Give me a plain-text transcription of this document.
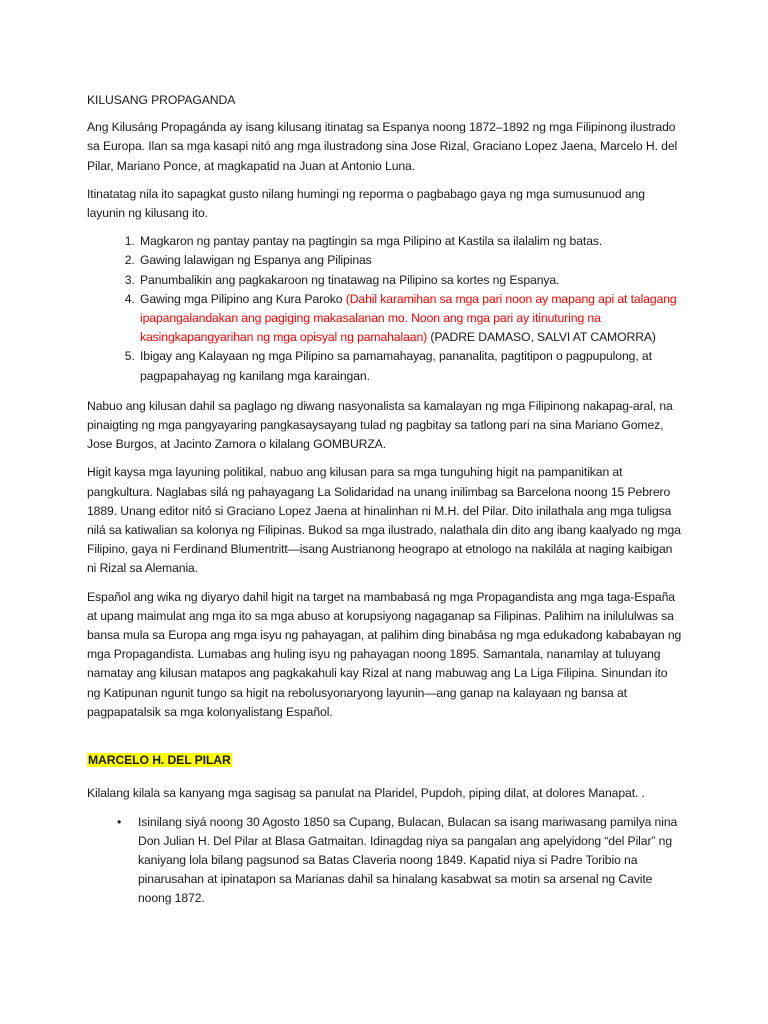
KILUSANG PROPAGANDA

Ang Kilusáng Propagánda ay isang kilusang itinatag sa Espanya noong 1872–1892 ng mga Filipinong ilustrado sa Europa. Ilan sa mga kasapi nitó ang mga ilustradong sina Jose Rizal, Graciano Lopez Jaena, Marcelo H. del Pilar, Mariano Ponce, at magkapatid na Juan at Antonio Luna.

Itinatatag nila ito sapagkat gusto nilang humingi ng reporma o pagbabago gaya ng mga sumusunuod ang layunin ng kilusang ito.

1. Magkaron ng pantay pantay na pagtingin sa mga Pilipino at Kastila sa ilalalim ng batas.
2. Gawing lalawigan ng Espanya ang Pilipinas
3. Panumbalikin ang pagkakaroon ng tinatawag na Pilipino sa kortes ng Espanya.
4. Gawing mga Pilipino ang Kura Paroko (Dahil karamihan sa mga pari noon ay mapang api at talagang ipapangalandakan ang pagiging makasalanan mo. Noon ang mga pari ay itinuturing na kasingkapangyarihan ng mga opisyal ng pamahalaan) (PADRE DAMASO, SALVI AT CAMORRA)
5. Ibigay ang Kalayaan ng mga Pilipino sa pamamahayag, pananalita, pagtitipon o pagpupulong, at pagpapahayag ng kanilang mga karaingan.

Nabuo ang kilusan dahil sa paglago ng diwang nasyonalista sa kamalayan ng mga Filipinong nakapag-aral, na pinaigting ng mga pangyayaring pangkasaysayang tulad ng pagbitay sa tatlong pari na sina Mariano Gomez, Jose Burgos, at Jacinto Zamora o kilalang GOMBURZA.

Higit kaysa mga layuning politikal, nabuo ang kilusan para sa mga tunguhing higit na pampanitikan at pangkultura. Naglabas silá ng pahayagang La Solidaridad na unang inilimbag sa Barcelona noong 15 Pebrero 1889. Unang editor nitó si Graciano Lopez Jaena at hinalinhan ni M.H. del Pilar. Dito inilathala ang mga tuligsa nilá sa katiwalian sa kolonya ng Filipinas. Bukod sa mga ilustrado, nalathala din dito ang ibang kaalyado ng mga Filipino, gaya ni Ferdinand Blumentritt—isang Austrianong heograpo at etnologo na nakilála at naging kaibigan ni Rizal sa Alemania.

Español ang wika ng diyaryo dahil higit na target na mambabasá ng mga Propagandista ang mga taga-España at upang maimulat ang mga ito sa mga abuso at korupsiyong nagaganap sa Filipinas. Palihim na inilululwas sa bansa mula sa Europa ang mga isyu ng pahayagan, at palihim ding binabása ng mga edukadong kababayan ng mga Propagandista. Lumabas ang huling isyu ng pahayagan noong 1895. Samantala, nanamlay at tuluyang namatay ang kilusan matapos ang pagkakahuli kay Rizal at nang mabuwag ang La Liga Filipina. Sinundan ito ng Katipunan ngunit tungo sa higit na rebolusyonaryong layunin—ang ganap na kalayaan ng bansa at pagpapatalsik sa mga kolonyalistang Español.

MARCELO H. DEL PILAR

Kilalang kilala sa kanyang mga sagisag sa panulat na Plaridel, Pupdoh, piping dilat, at dolores Manapat. .

• Isinilang siyá noong 30 Agosto 1850 sa Cupang, Bulacan, Bulacan sa isang mariwasang pamilya nina Don Julian H. Del Pilar at Blasa Gatmaitan. Idinagdag niya sa pangalan ang apelyidong “del Pilar” ng kaniyang lola bilang pagsunod sa Batas Claveria noong 1849. Kapatid niya si Padre Toribio na pinarusahan at ipinatapon sa Marianas dahil sa hinalang kasabwat sa motin sa arsenal ng Cavite noong 1872.
